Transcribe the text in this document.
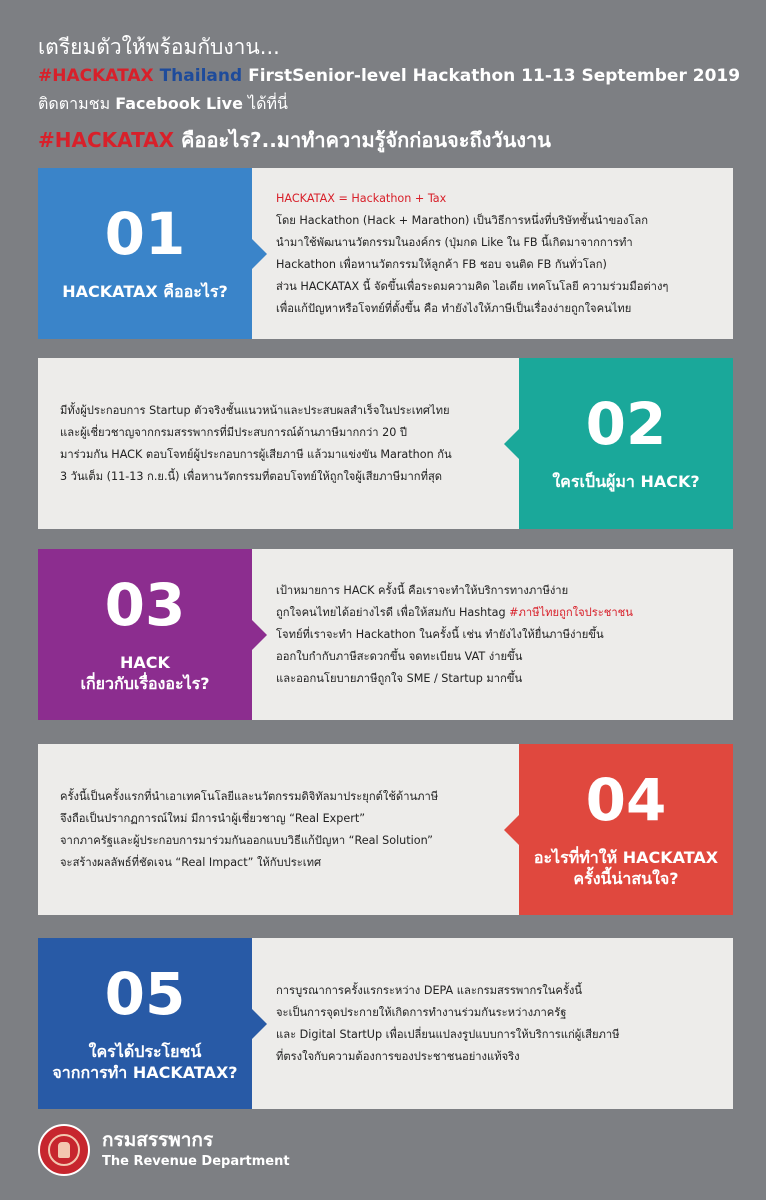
เตรียมตัวให้พร้อมกับงาน...
#HACKATAX Thailand FirstSenior-level Hackathon 11-13 September 2019
ติดตามชม Facebook Live ได้ที่นี่
#HACKATAX คืออะไร?..มาทำความรู้จักก่อนจะถึงวันงาน
01
HACKATAX คืออะไร?

HACKATAX = Hackathon + Tax

โดย Hackathon (Hack + Marathon) เป็นวิธีการหนึ่งที่บริษัทชั้นนำของโลก

นำมาใช้พัฒนานวัตกรรมในองค์กร (ปุ่มกด Like ใน FB นี้เกิดมาจากการทำ

Hackathon เพื่อหานวัตกรรมให้ลูกค้า FB ชอบ จนติด FB กันทั่วโลก)

ส่วน HACKATAX นี้ จัดขึ้นเพื่อระดมความคิด ไอเดีย เทคโนโลยี ความร่วมมือต่างๆ

เพื่อแก้ปัญหาหรือโจทย์ที่ตั้งขึ้น คือ ทำยังไงให้ภาษีเป็นเรื่องง่ายถูกใจคนไทย

มีทั้งผู้ประกอบการ Startup ตัวจริงชั้นแนวหน้าและประสบผลสำเร็จในประเทศไทย

และผู้เชี่ยวชาญจากกรมสรรพากรที่มีประสบการณ์ด้านภาษีมากกว่า 20 ปี

มาร่วมกัน HACK ตอบโจทย์ผู้ประกอบการผู้เสียภาษี แล้วมาแข่งขัน Marathon กัน

3 วันเต็ม (11-13 ก.ย.นี้) เพื่อหานวัตกรรมที่ตอบโจทย์ให้ถูกใจผู้เสียภาษีมากที่สุด

02
ใครเป็นผู้มา HACK?
03
HACK
เกี่ยวกับเรื่องอะไร?

เป้าหมายการ HACK ครั้งนี้ คือเราจะทำให้บริการทางภาษีง่าย

ถูกใจคนไทยได้อย่างไรดี เพื่อให้สมกับ Hashtag #ภาษีไทยถูกใจประชาชน

โจทย์ที่เราจะทำ Hackathon ในครั้งนี้ เช่น ทำยังไงให้ยื่นภาษีง่ายขึ้น

ออกใบกำกับภาษีสะดวกขึ้น จดทะเบียน VAT ง่ายขึ้น

และออกนโยบายภาษีถูกใจ SME / Startup มากขึ้น

ครั้งนี้เป็นครั้งแรกที่นำเอาเทคโนโลยีและนวัตกรรมดิจิทัลมาประยุกต์ใช้ด้านภาษี

จึงถือเป็นปรากฏการณ์ใหม่ มีการนำผู้เชี่ยวชาญ “Real Expert”

จากภาครัฐและผู้ประกอบการมาร่วมกันออกแบบวิธีแก้ปัญหา “Real Solution”

จะสร้างผลลัพธ์ที่ชัดเจน “Real Impact” ให้กับประเทศ

04
อะไรที่ทำให้ HACKATAX
ครั้งนี้น่าสนใจ?
05
ใครได้ประโยชน์
จากการทำ HACKATAX?

การบูรณาการครั้งแรกระหว่าง DEPA และกรมสรรพากรในครั้งนี้

จะเป็นการจุดประกายให้เกิดการทำงานร่วมกันระหว่างภาครัฐ

และ Digital StartUp เพื่อเปลี่ยนแปลงรูปแบบการให้บริการแก่ผู้เสียภาษี

ที่ตรงใจกับความต้องการของประชาชนอย่างแท้จริง

กรมสรรพากร
The Revenue Department
